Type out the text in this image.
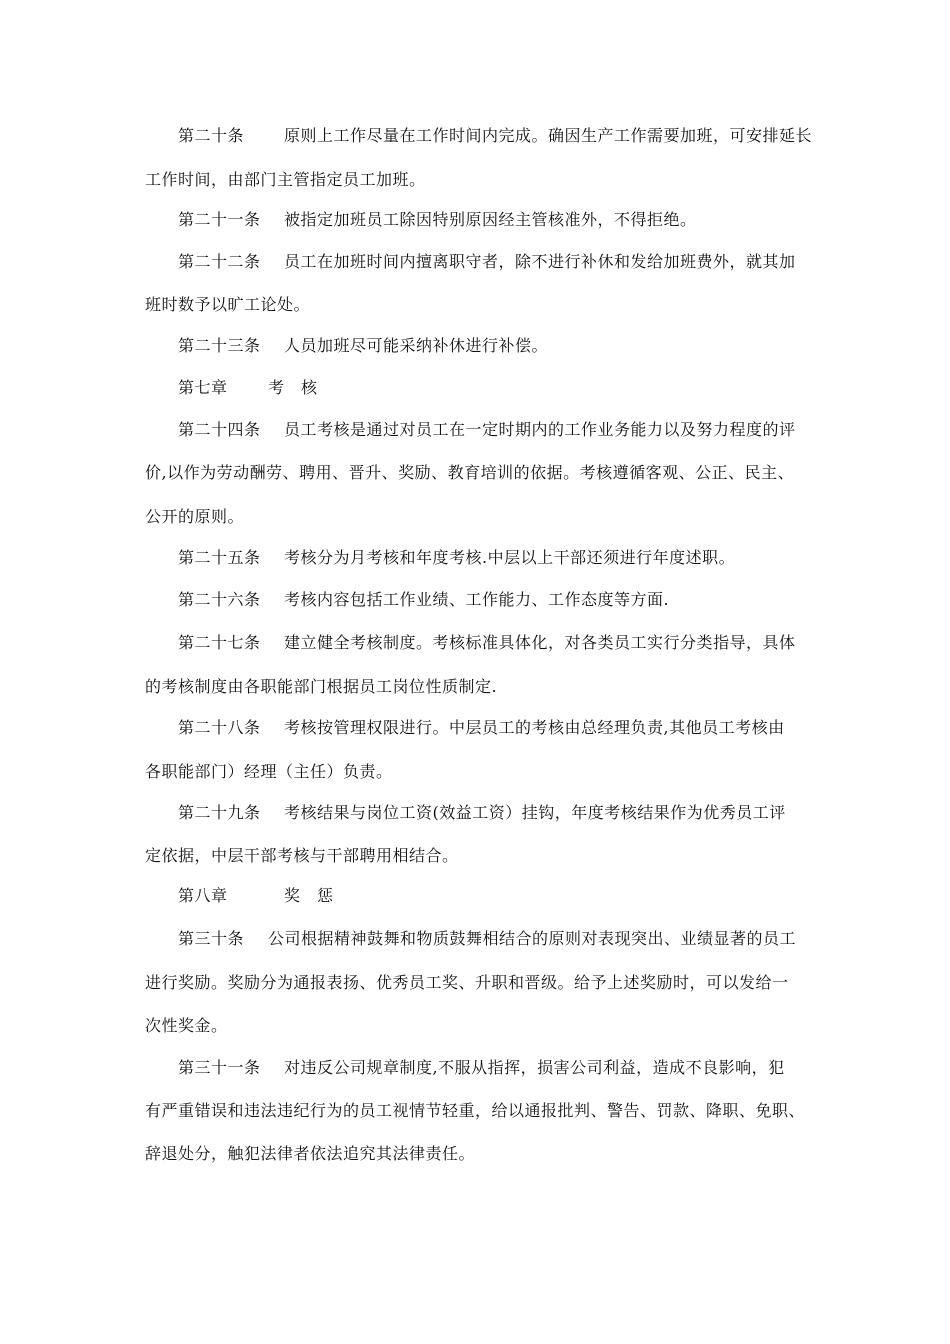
第二十条 原则上工作尽量在工作时间内完成。确因生产工作需要加班，可安排延长
工作时间，由部门主管指定员工加班。
第二十一条 被指定加班员工除因特别原因经主管核准外，不得拒绝。
第二十二条 员工在加班时间内擅离职守者，除不进行补休和发给加班费外，就其加
班时数予以旷工论处。
第二十三条 人员加班尽可能采纳补休进行补偿。
第七章	考　核
第二十四条 员工考核是通过对员工在一定时期内的工作业务能力以及努力程度的评
价,以作为劳动酬劳、聘用、晋升、奖励、教育培训的依据。考核遵循客观、公正、民主、
公开的原则。
第二十五条 考核分为月考核和年度考核.中层以上干部还须进行年度述职。
第二十六条 考核内容包括工作业绩、工作能力、工作态度等方面.
第二十七条 建立健全考核制度。考核标准具体化，对各类员工实行分类指导，具体
的考核制度由各职能部门根据员工岗位性质制定.
第二十八条 考核按管理权限进行。中层员工的考核由总经理负责,其他员工考核由
各职能部门）经理（主任）负责。
第二十九条 考核结果与岗位工资(效益工资）挂钩，年度考核结果作为优秀员工评
定依据，中层干部考核与干部聘用相结合。
第八章	奖　惩
第三十条 公司根据精神鼓舞和物质鼓舞相结合的原则对表现突出、业绩显著的员工
进行奖励。奖励分为通报表扬、优秀员工奖、升职和晋级。给予上述奖励时，可以发给一
次性奖金。
第三十一条 对违反公司规章制度,不服从指挥，损害公司利益，造成不良影响，犯
有严重错误和违法违纪行为的员工视情节轻重，给以通报批判、警告、罚款、降职、免职、
辞退处分，触犯法律者依法追究其法律责任。
